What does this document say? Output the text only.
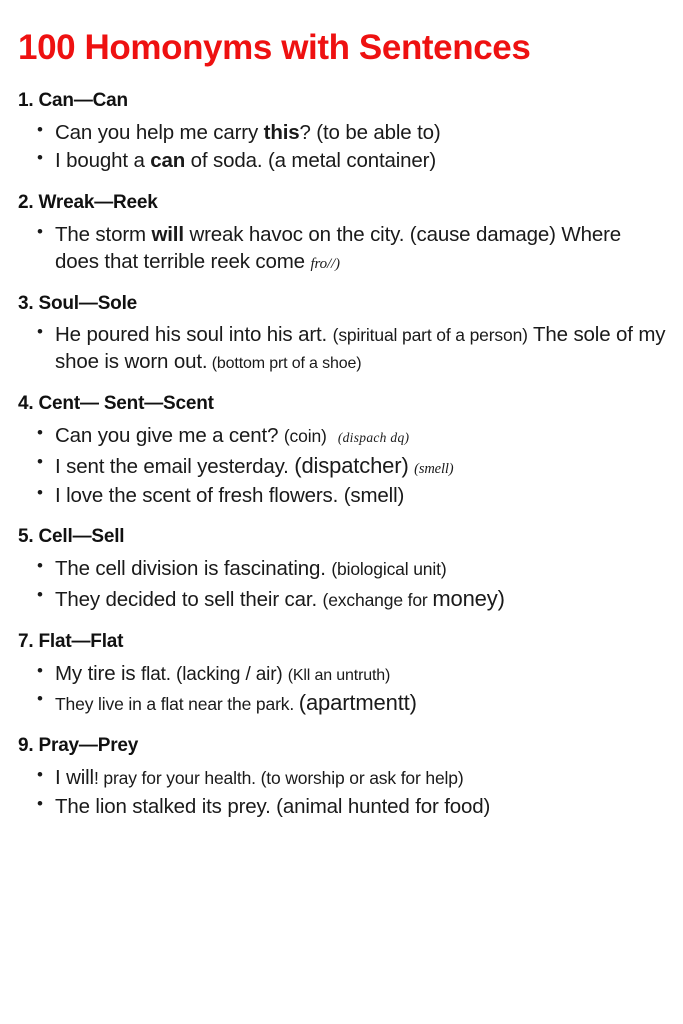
100 Homonyms with Sentences
1. Can—Can
• Can you help me carry this? (to be able to)
• I bought a can of soda. (a metal container)
2. Wreak—Reek
• The storm will wreak havoc on the city. (cause damage) Where does that terrible reek come fro//)
3. Soul—Sole
• He poured his soul into his art. (spiritual part of a person) The sole of my shoe is worn out. (bottom prt of a shoe)
4. Cent— Sent—Scent
• Can you give me a cent? (coin) (dispach dq)
• I sent the email yesterday. (dispatcher) (smell)
• I love the scent of fresh flowers. (smell)
5. Cell—Sell
• The cell division is fascinating. (biological unit)
• They decided to sell their car. (exchange for money)
7. Flat—Flat
• My tire is flat. (lacking / air) (Kll an untruth)
• They live in a flat near the park. (apartmentt)
9. Pray—Prey
• I will! pray for your health. (to worship or ask for help)
• The lion stalked its prey. (animal hunted for food)
